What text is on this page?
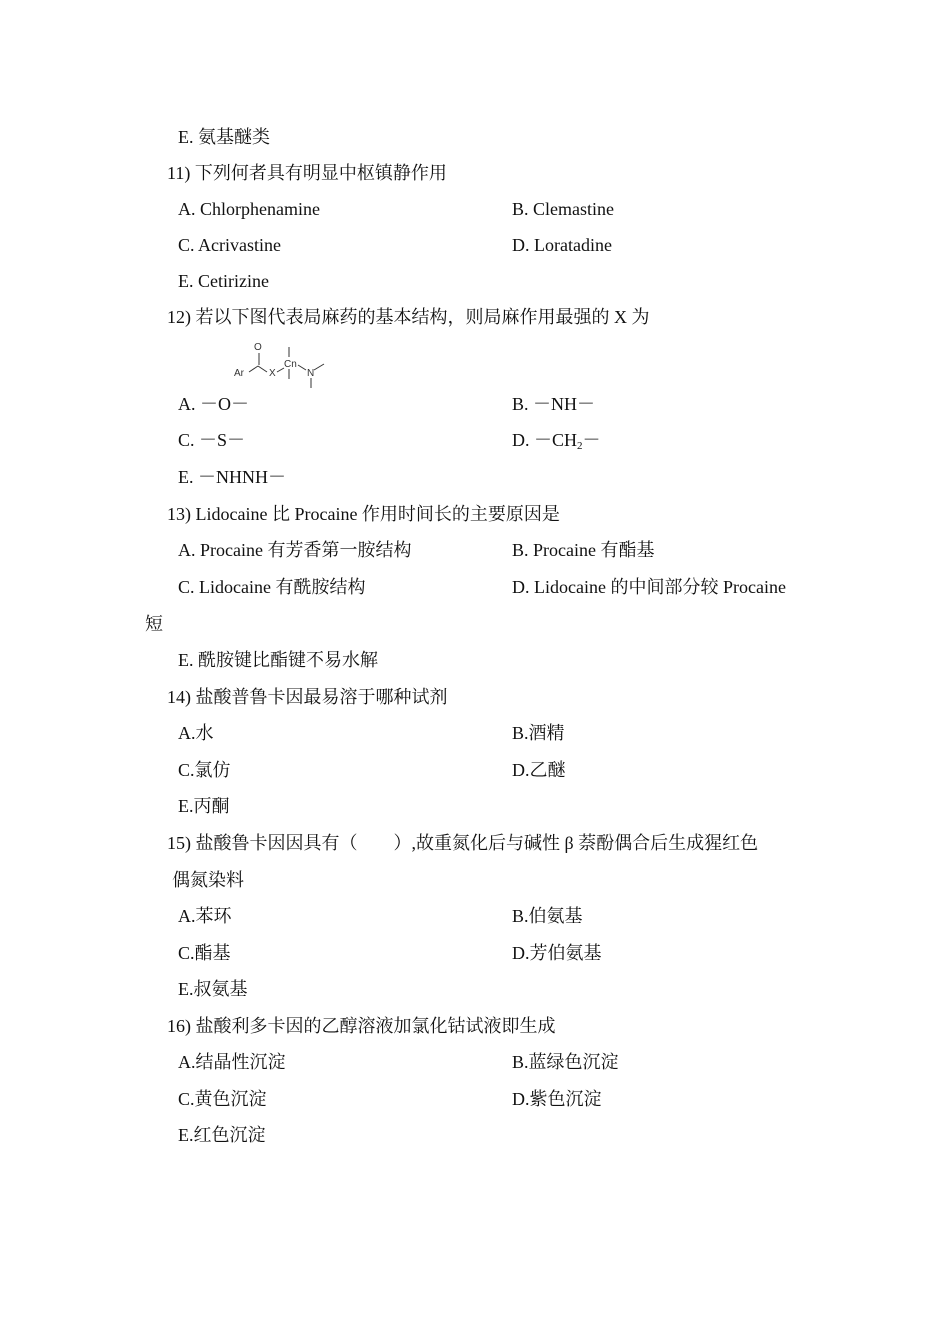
E. 氨基醚类
11) 下列何者具有明显中枢镇静作用
A. Chlorphenamine	B. Clemastine
C. Acrivastine	D. Loratadine
E. Cetirizine
12) 若以下图代表局麻药的基本结构，则局麻作用最强的 X 为
Ar
O
X
Cn
N
A. －O－	B. －NH－
C. －S－	D. $-CH_2-$
E. －NHNH－
13) Lidocaine 比 Procaine 作用时间长的主要原因是
A. Procaine 有芳香第一胺结构	B. Procaine 有酯基
C. Lidocaine 有酰胺结构	D. Lidocaine 的中间部分较 Procaine
短
E. 酰胺键比酯键不易水解
14) 盐酸普鲁卡因最易溶于哪种试剂
A.水	B.酒精
C.氯仿	D.乙醚
E.丙酮
15) 盐酸鲁卡因因具有（　　）,故重氮化后与碱性 β 萘酚偶合后生成猩红色
偶氮染料
A.苯环	B.伯氨基
C.酯基	D.芳伯氨基
E.叔氨基
16) 盐酸利多卡因的乙醇溶液加氯化钴试液即生成
A.结晶性沉淀	B.蓝绿色沉淀
C.黄色沉淀	D.紫色沉淀
E.红色沉淀
